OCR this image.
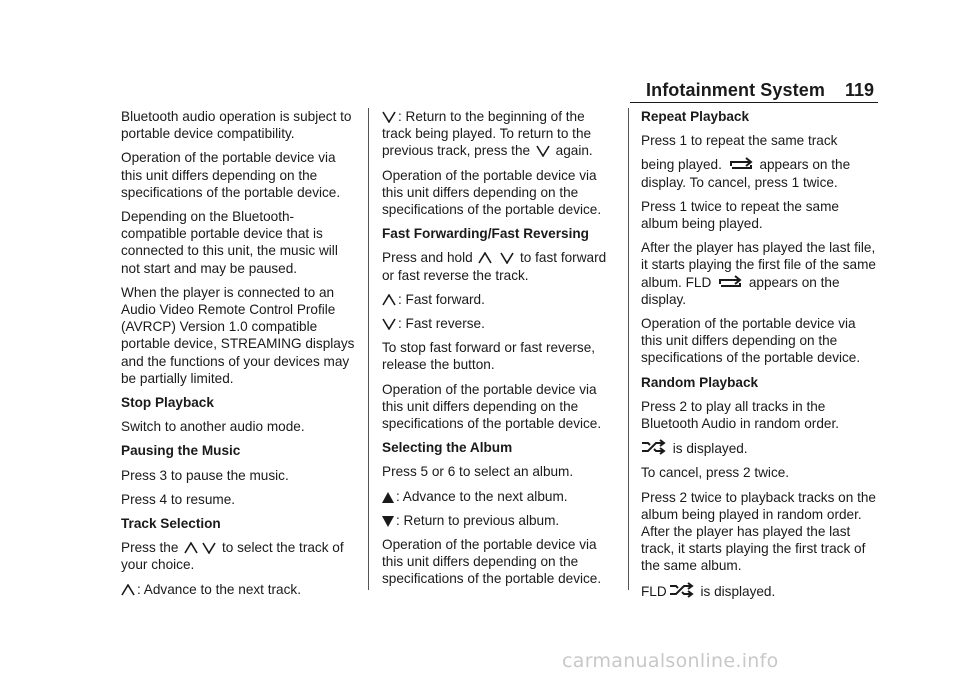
Infotainment System 119

Bluetooth audio operation is subject to portable device compatibility.

Operation of the portable device via this unit differs depending on the specifications of the portable device.

Depending on the Bluetooth-compatible portable device that is connected to this unit, the music will not start and may be paused.

When the player is connected to an Audio Video Remote Control Profile (AVRCP) Version 1.0 compatible portable device, STREAMING displays and the functions of your devices may be partially limited.

Stop Playback

Switch to another audio mode.

Pausing the Music

Press 3 to pause the music.

Press 4 to resume.

Track Selection

Press the	to select the track of your choice.

: Advance to the next track.

: Return to the beginning of the track being played. To return to the previous track, press the again.

Operation of the portable device via this unit differs depending on the specifications of the portable device.

Fast Forwarding/Fast Reversing

Press and hold	to fast forward or fast reverse the track.

: Fast forward.

: Fast reverse.

To stop fast forward or fast reverse, release the button.

Operation of the portable device via this unit differs depending on the specifications of the portable device.

Selecting the Album

Press 5 or 6 to select an album.

: Advance to the next album.

: Return to previous album.

Operation of the portable device via this unit differs depending on the specifications of the portable device.

Repeat Playback

Press 1 to repeat the same track

being played.	appears on the display. To cancel, press 1 twice.

Press 1 twice to repeat the same album being played.

After the player has played the last file, it starts playing the first file of the same album. FLD	appears on the display.

Operation of the portable device via this unit differs depending on the specifications of the portable device.

Random Playback

Press 2 to play all tracks in the Bluetooth Audio in random order.

is displayed.

To cancel, press 2 twice.

Press 2 twice to playback tracks on the album being played in random order. After the player has played the last track, it starts playing the first track of the same album.

FLD is displayed.

carmanualsonline.info
